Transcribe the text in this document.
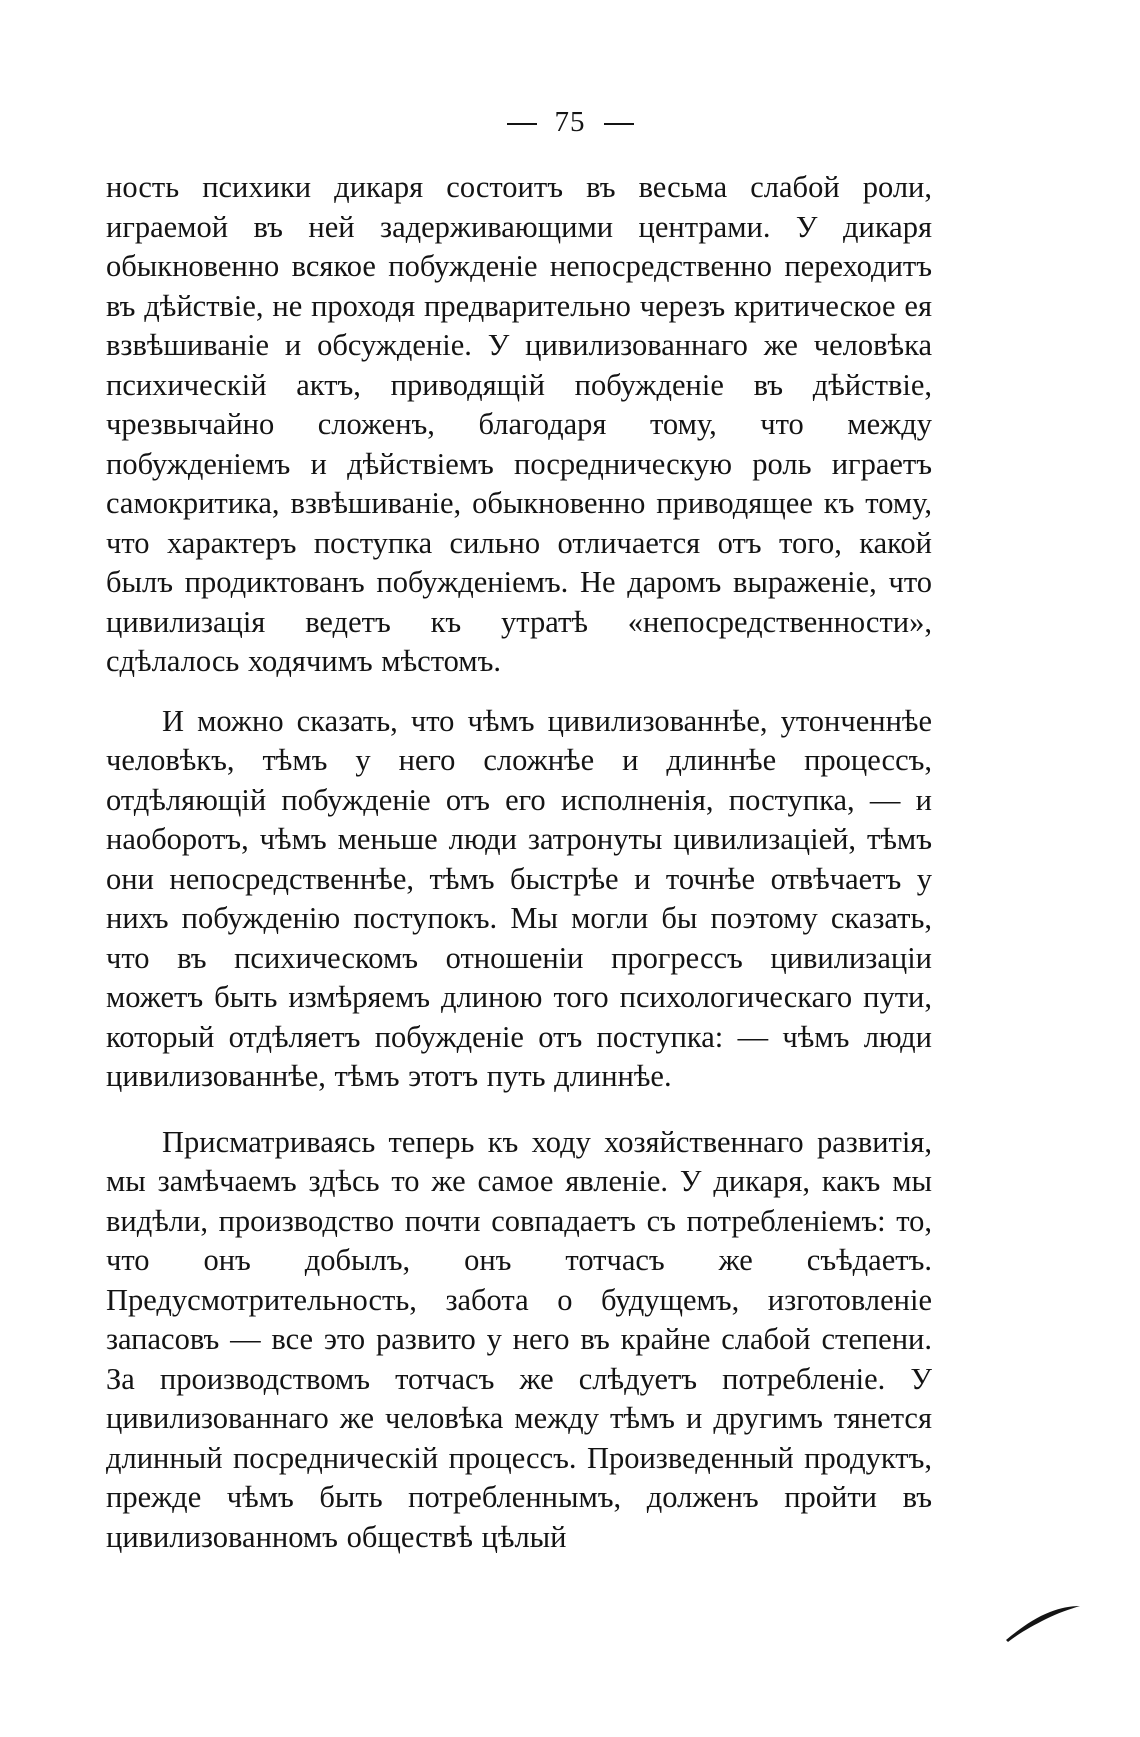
75

ность психики дикаря состоитъ въ весьма слабой роли, играемой въ ней задерживающими центрами. У дикаря обыкновенно всякое побужденіе непосредственно переходитъ въ дѣйствіе, не проходя предварительно черезъ критическое ея взвѣшиваніе и обсужденіе. У цивилизованнаго же человѣка психическій актъ, приводящій побужденіе въ дѣйствіе, чрезвычайно сложенъ, благодаря тому, что между побужденіемъ и дѣйствіемъ посредническую роль играетъ самокритика, взвѣшиваніе, обыкновенно приводящее къ тому, что характеръ поступка сильно отличается отъ того, какой былъ продиктованъ побужденіемъ. Не даромъ выраженіе, что цивилизація ведетъ къ утратѣ «непосредственности», сдѣлалось ходячимъ мѣстомъ.

И можно сказать, что чѣмъ цивилизованнѣе, утонченнѣе человѣкъ, тѣмъ у него сложнѣе и длиннѣе процессъ, отдѣляющій побужденіе отъ его исполненія, поступка, — и наоборотъ, чѣмъ меньше люди затронуты цивилизаціей, тѣмъ они непосредственнѣе, тѣмъ быстрѣе и точнѣе отвѣчаетъ у нихъ побужденію поступокъ. Мы могли бы поэтому сказать, что въ психическомъ отношеніи прогрессъ цивилизаціи можетъ быть измѣряемъ длиною того психологическаго пути, который отдѣляетъ побужденіе отъ поступка: — чѣмъ люди цивилизованнѣе, тѣмъ этотъ путь длиннѣе.

Присматриваясь теперь къ ходу хозяйственнаго развитія, мы замѣчаемъ здѣсь то же самое явленіе. У дикаря, какъ мы видѣли, производство почти совпадаетъ съ потребленіемъ: то, что онъ добылъ, онъ тотчасъ же съѣдаетъ. Предусмотрительность, забота о будущемъ, изготовленіе запасовъ — все это развито у него въ крайне слабой степени. За производствомъ тотчасъ же слѣдуетъ потребленіе. У цивилизованнаго же человѣка между тѣмъ и другимъ тянется длинный посредническій процессъ. Произведенный продуктъ, прежде чѣмъ быть потребленнымъ, долженъ пройти въ цивилизованномъ обществѣ цѣлый
